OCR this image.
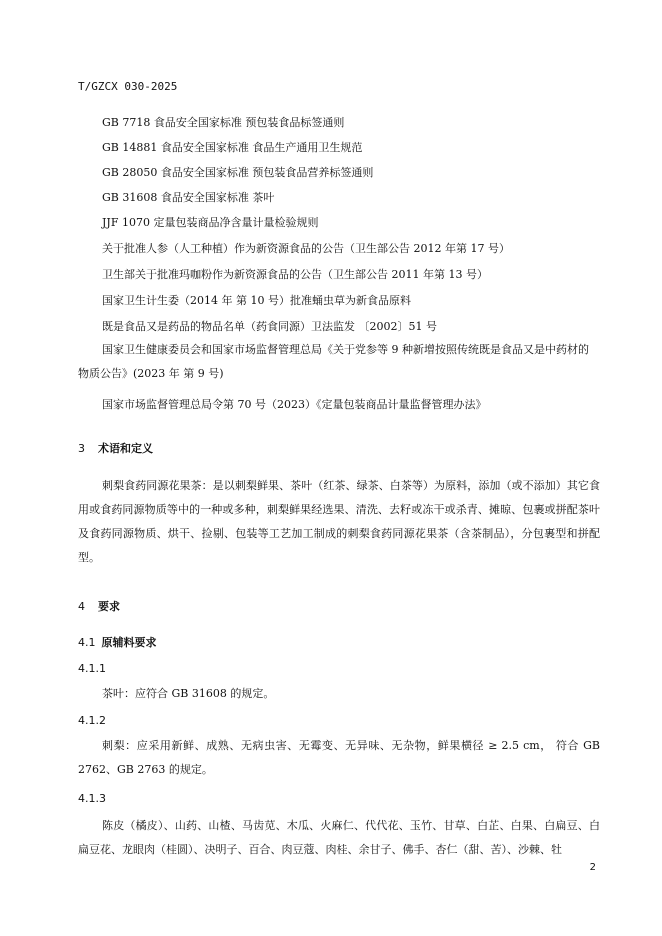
T/GZCX 030-2025
GB 7718 食品安全国家标准 预包装食品标签通则
GB 14881 食品安全国家标准 食品生产通用卫生规范
GB 28050 食品安全国家标准 预包装食品营养标签通则
GB 31608 食品安全国家标准 茶叶
JJF 1070 定量包装商品净含量计量检验规则
关于批准人参（人工种植）作为新资源食品的公告（卫生部公告 2012 年第 17 号）
卫生部关于批准玛咖粉作为新资源食品的公告（卫生部公告 2011 年第 13 号）
国家卫生计生委（2014 年 第 10 号）批准蛹虫草为新食品原料
既是食品又是药品的物品名单（药食同源）卫法监发 〔2002〕51 号
国家卫生健康委员会和国家市场监督管理总局《关于党参等 9 种新增按照传统既是食品又是中药材的物质公告》(2023 年 第 9 号)
国家市场监督管理总局令第 70 号（2023）《定量包装商品计量监督管理办法》
3 术语和定义
刺梨食药同源花果茶：是以刺梨鲜果、茶叶（红茶、绿茶、白茶等）为原料，添加（或不添加）其它食用或食药同源物质等中的一种或多种，刺梨鲜果经选果、清洗、去籽或冻干或杀青、摊晾、包裹或拼配茶叶及食药同源物质、烘干、捡剔、包装等工艺加工制成的刺梨食药同源花果茶（含茶制品），分包裹型和拼配型。
4 要求
4.1 原辅料要求
4.1.1
茶叶：应符合 GB 31608 的规定。
4.1.2
刺梨：应采用新鲜、成熟、无病虫害、无霉变、无异味、无杂物，鲜果横径 ≥ 2.5 cm， 符合 GB 2762、GB 2763 的规定。
4.1.3
陈皮（橘皮）、山药、山楂、马齿苋、木瓜、火麻仁、代代花、玉竹、甘草、白芷、白果、白扁豆、白扁豆花、龙眼肉（桂圆）、决明子、百合、肉豆蔻、肉桂、余甘子、佛手、杏仁（甜、苦）、沙棘、牡
2
